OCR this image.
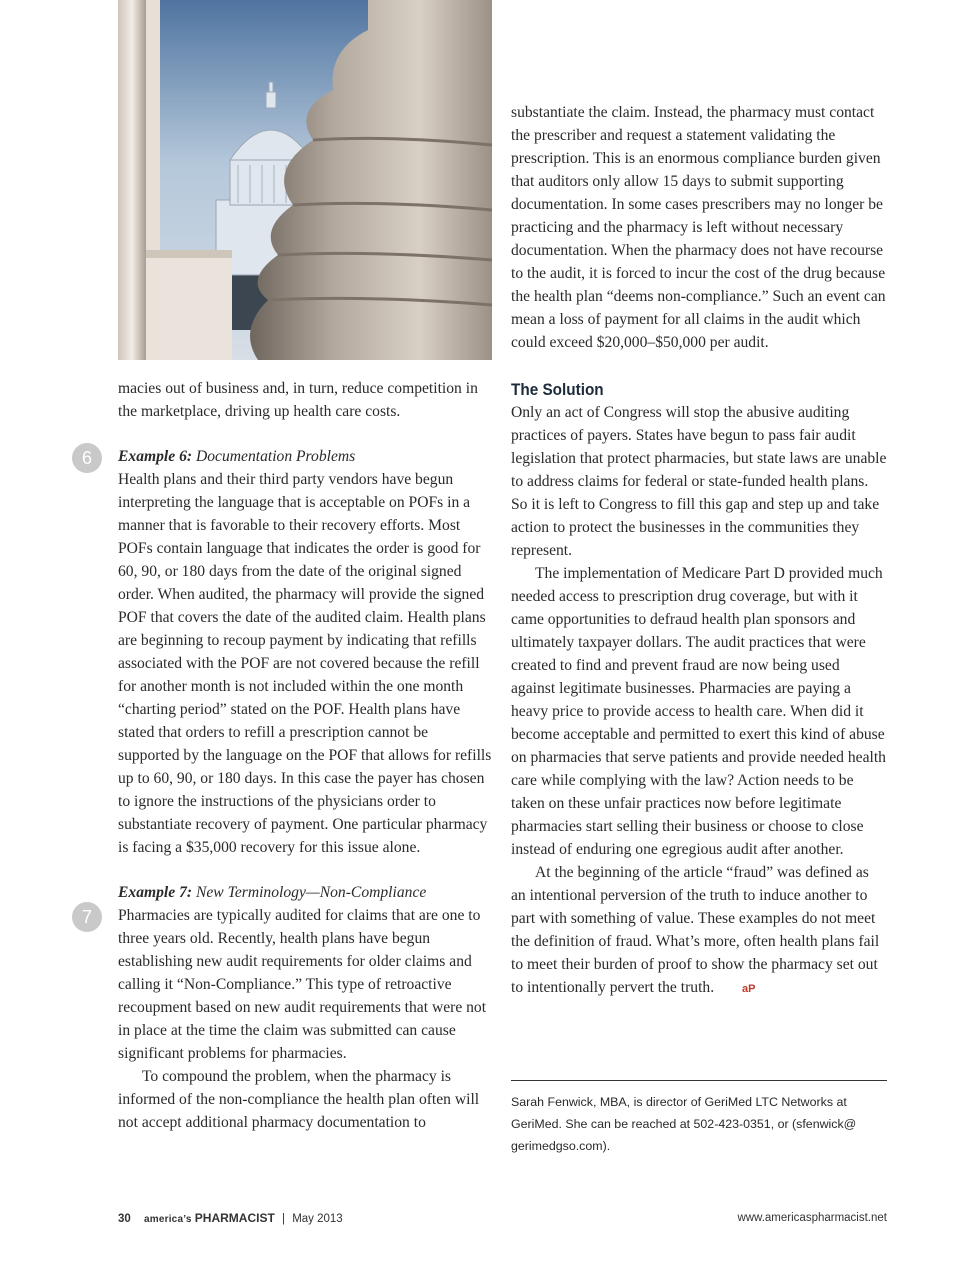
6
7

macies out of business and, in turn, reduce competition in the marketplace, driving up health care costs.

Example 6: Documentation Problems

Health plans and their third party vendors have begun interpreting the language that is acceptable on POFs in a manner that is favorable to their recovery efforts. Most POFs contain language that indicates the order is good for 60, 90, or 180 days from the date of the original signed order. When audited, the pharmacy will provide the signed POF that covers the date of the audited claim. Health plans are beginning to recoup payment by indicating that refills associated with the POF are not covered because the refill for another month is not included within the one month “charting period” stated on the POF. Health plans have stated that orders to refill a prescription cannot be supported by the language on the POF that allows for refills up to 60, 90, or 180 days. In this case the payer has chosen to ignore the instructions of the physicians order to substantiate recovery of payment. One particular pharmacy is facing a $35,000 recovery for this issue alone.

Example 7: New Terminology—Non-Compliance

Pharmacies are typically audited for claims that are one to three years old. Recently, health plans have begun establishing new audit requirements for older claims and calling it “Non-Compliance.” This type of retroactive recoupment based on new audit requirements that were not in place at the time the claim was submitted can cause significant problems for pharmacies.

To compound the problem, when the pharmacy is informed of the non-compliance the health plan often will not accept additional pharmacy documentation to

substantiate the claim. Instead, the pharmacy must contact the prescriber and request a statement validating the prescription. This is an enormous compliance burden given that auditors only allow 15 days to submit supporting documentation. In some cases prescribers may no longer be practicing and the pharmacy is left without necessary documentation. When the pharmacy does not have recourse to the audit, it is forced to incur the cost of the drug because the health plan “deems non-compliance.” Such an event can mean a loss of payment for all claims in the audit which could exceed $20,000–$50,000 per audit.

The Solution

Only an act of Congress will stop the abusive auditing practices of payers. States have begun to pass fair audit legislation that protect pharmacies, but state laws are unable to address claims for federal or state-funded health plans. So it is left to Congress to fill this gap and step up and take action to protect the businesses in the communities they represent.

The implementation of Medicare Part D provided much needed access to prescription drug coverage, but with it came opportunities to defraud health plan sponsors and ultimately taxpayer dollars. The audit practices that were created to find and prevent fraud are now being used against legitimate businesses. Pharmacies are paying a heavy price to provide access to health care. When did it become acceptable and permitted to exert this kind of abuse on pharmacies that serve patients and provide needed health care while complying with the law? Action needs to be taken on these unfair practices now before legitimate pharmacies start selling their business or choose to close instead of enduring one egregious audit after another.

At the beginning of the article “fraud” was defined as an intentional perversion of the truth to induce another to part with something of value. These examples do not meet the definition of fraud. What’s more, often health plans fail to meet their burden of proof to show the pharmacy set out to intentionally pervert the truth.	aP

Sarah Fenwick, MBA, is director of GeriMed LTC Networks at GeriMed. She can be reached at 502-423-0351, or (sfenwick@ gerimedgso.com).
30 america’s PHARMACIST | May 2013	www.americaspharmacist.net
